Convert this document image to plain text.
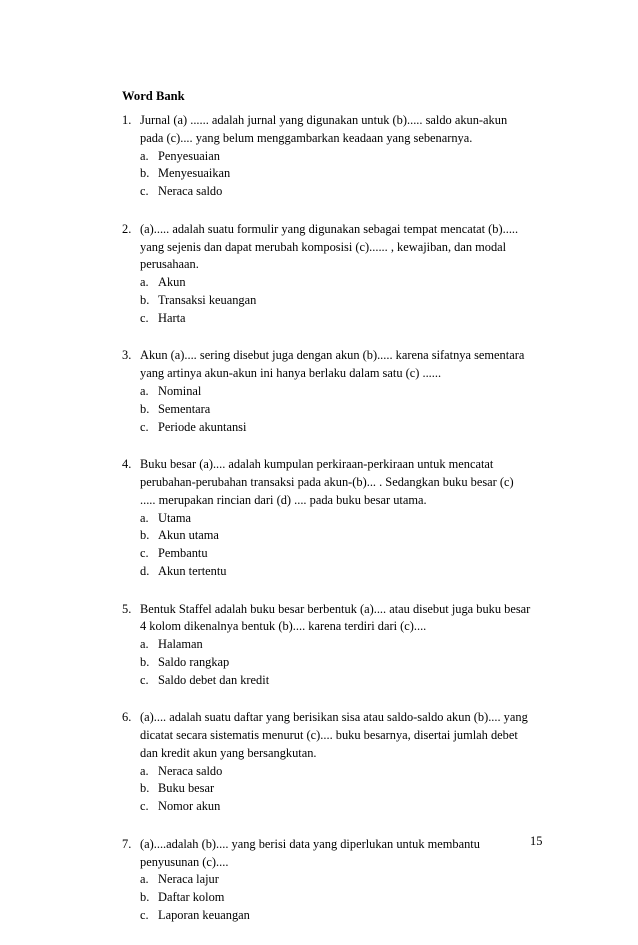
Word Bank
1. Jurnal (a) ...... adalah jurnal yang digunakan untuk (b)..... saldo akun-akun
pada (c).... yang belum menggambarkan keadaan yang sebenarnya.
a. Penyesuaian
b. Menyesuaikan
c. Neraca saldo
2. (a)..... adalah suatu formulir yang digunakan sebagai tempat mencatat (b).....
yang sejenis dan dapat merubah komposisi (c)...... , kewajiban, dan modal
perusahaan.
a. Akun
b. Transaksi keuangan
c. Harta
3. Akun (a).... sering disebut juga dengan akun (b)..... karena sifatnya sementara
yang artinya akun-akun ini hanya berlaku dalam satu (c) ......
a. Nominal
b. Sementara
c. Periode akuntansi
4. Buku besar (a).... adalah kumpulan perkiraan-perkiraan untuk mencatat
perubahan-perubahan transaksi pada akun-(b)... . Sedangkan buku besar (c)
..... merupakan rincian dari (d) .... pada buku besar utama.
a. Utama
b. Akun utama
c. Pembantu
d. Akun tertentu
5. Bentuk Staffel adalah buku besar berbentuk (a).... atau disebut juga buku besar
4 kolom dikenalnya bentuk (b).... karena terdiri dari (c)....
a. Halaman
b. Saldo rangkap
c. Saldo debet dan kredit
6. (a).... adalah suatu daftar yang berisikan sisa atau saldo-saldo akun (b).... yang
dicatat secara sistematis menurut (c).... buku besarnya, disertai jumlah debet
dan kredit akun yang bersangkutan.
a. Neraca saldo
b. Buku besar
c. Nomor akun
7. (a)....adalah (b).... yang berisi data yang diperlukan untuk membantu
penyusunan (c)....
a. Neraca lajur
b. Daftar kolom
c. Laporan keuangan
15
